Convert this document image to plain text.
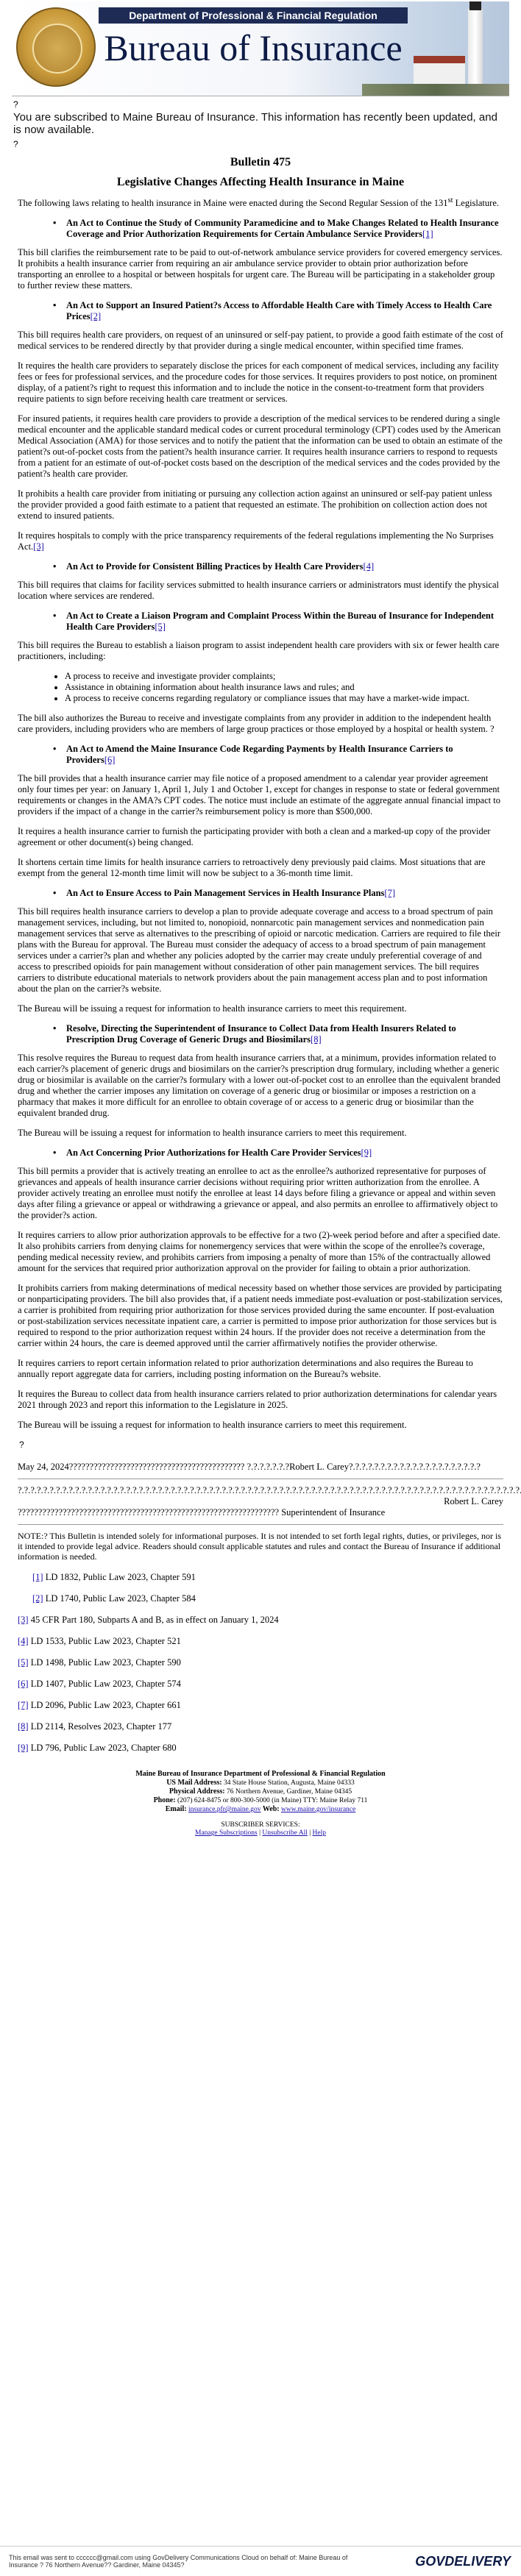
Department of Professional & Financial Regulation
Bureau of Insurance
?
You are subscribed to Maine Bureau of Insurance. This information has recently been updated, and is now available.
?
Bulletin 475
Legislative Changes Affecting Health Insurance in Maine

The following laws relating to health insurance in Maine were enacted during the Second Regular Session of the 131st Legislature.

•	An Act to Continue the Study of Community Paramedicine and to Make Changes Related to Health Insurance Coverage and Prior Authorization Requirements for Certain Ambulance Service Providers[1]

This bill clarifies the reimbursement rate to be paid to out-of-network ambulance service providers for covered emergency services. It prohibits a health insurance carrier from requiring an air ambulance service provider to obtain prior authorization before transporting an enrollee to a hospital or between hospitals for urgent care. The Bureau will be participating in a stakeholder group to further review these matters.

•	An Act to Support an Insured Patient?s Access to Affordable Health Care with Timely Access to Health Care Prices[2]

This bill requires health care providers, on request of an uninsured or self-pay patient, to provide a good faith estimate of the cost of medical services to be rendered directly by that provider during a single medical encounter, within specified time frames.

It requires the health care providers to separately disclose the prices for each component of medical services, including any facility fees or fees for professional services, and the procedure codes for those services. It requires providers to post notice, on prominent display, of a patient?s right to request this information and to include the notice in the consent-to-treatment form that providers require patients to sign before receiving health care treatment or services.

For insured patients, it requires health care providers to provide a description of the medical services to be rendered during a single medical encounter and the applicable standard medical codes or current procedural terminology (CPT) codes used by the American Medical Association (AMA) for those services and to notify the patient that the information can be used to obtain an estimate of the patient?s out-of-pocket costs from the patient?s health insurance carrier. It requires health insurance carriers to respond to requests from a patient for an estimate of out-of-pocket costs based on the description of the medical services and the codes provided by the patient?s health care provider.

It prohibits a health care provider from initiating or pursuing any collection action against an uninsured or self-pay patient unless the provider provided a good faith estimate to a patient that requested an estimate. The prohibition on collection action does not extend to insured patients.

It requires hospitals to comply with the price transparency requirements of the federal regulations implementing the No Surprises Act.[3]

•	An Act to Provide for Consistent Billing Practices by Health Care Providers[4]

This bill requires that claims for facility services submitted to health insurance carriers or administrators must identify the physical location where services are rendered.

•	An Act to Create a Liaison Program and Complaint Process Within the Bureau of Insurance for Independent Health Care Providers[5]

This bill requires the Bureau to establish a liaison program to assist independent health care providers with six or fewer health care practitioners, including:

• A process to receive and investigate provider complaints;
• Assistance in obtaining information about health insurance laws and rules; and
• A process to receive concerns regarding regulatory or compliance issues that may have a market-wide impact.

The bill also authorizes the Bureau to receive and investigate complaints from any provider in addition to the independent health care providers, including providers who are members of large group practices or those employed by a hospital or health system. ?

•	An Act to Amend the Maine Insurance Code Regarding Payments by Health Insurance Carriers to Providers[6]

The bill provides that a health insurance carrier may file notice of a proposed amendment to a calendar year provider agreement only four times per year: on January 1, April 1, July 1 and October 1, except for changes in response to state or federal government requirements or changes in the AMA?s CPT codes. The notice must include an estimate of the aggregate annual financial impact to providers if the impact of a change in the carrier?s reimbursement policy is more than $500,000.

It requires a health insurance carrier to furnish the participating provider with both a clean and a marked-up copy of the provider agreement or other document(s) being changed.

It shortens certain time limits for health insurance carriers to retroactively deny previously paid claims. Most situations that are exempt from the general 12-month time limit will now be subject to a 36-month time limit.

•	An Act to Ensure Access to Pain Management Services in Health Insurance Plans[7]

This bill requires health insurance carriers to develop a plan to provide adequate coverage and access to a broad spectrum of pain management services, including, but not limited to, nonopioid, nonnarcotic pain management services and nonmedication pain management services that serve as alternatives to the prescribing of opioid or narcotic medication. Carriers are required to file their plans with the Bureau for approval. The Bureau must consider the adequacy of access to a broad spectrum of pain management services under a carrier?s plan and whether any policies adopted by the carrier may create unduly preferential coverage of and access to prescribed opioids for pain management without consideration of other pain management services. The bill requires carriers to distribute educational materials to network providers about the pain management access plan and to post information about the plan on the carrier?s website.

The Bureau will be issuing a request for information to health insurance carriers to meet this requirement.

•	Resolve, Directing the Superintendent of Insurance to Collect Data from Health Insurers Related to Prescription Drug Coverage of Generic Drugs and Biosimilars[8]

This resolve requires the Bureau to request data from health insurance carriers that, at a minimum, provides information related to each carrier?s placement of generic drugs and biosimilars on the carrier?s prescription drug formulary, including whether a generic drug or biosimilar is available on the carrier?s formulary with a lower out-of-pocket cost to an enrollee than the equivalent branded drug and whether the carrier imposes any limitation on coverage of a generic drug or biosimilar or imposes a restriction on a pharmacy that makes it more difficult for an enrollee to obtain coverage of or access to a generic drug or biosimilar than the equivalent branded drug.

The Bureau will be issuing a request for information to health insurance carriers to meet this requirement.

•	An Act Concerning Prior Authorizations for Health Care Provider Services[9]

This bill permits a provider that is actively treating an enrollee to act as the enrollee?s authorized representative for purposes of grievances and appeals of health insurance carrier decisions without requiring prior written authorization from the enrollee. A provider actively treating an enrollee must notify the enrollee at least 14 days before filing a grievance or appeal and within seven days after filing a grievance or appeal or withdrawing a grievance or appeal, and also permits an enrollee to affirmatively object to the provider?s action.

It requires carriers to allow prior authorization approvals to be effective for a two (2)-week period before and after a specified date. It also prohibits carriers from denying claims for nonemergency services that were within the scope of the enrollee?s coverage, pending medical necessity review, and prohibits carriers from imposing a penalty of more than 15% of the contractually allowed amount for the services that required prior authorization approval on the provider for failing to obtain a prior authorization.

It prohibits carriers from making determinations of medical necessity based on whether those services are provided by participating or nonparticipating providers. The bill also provides that, if a patient needs immediate post-evaluation or post-stabilization services, a carrier is prohibited from requiring prior authorization for those services provided during the same encounter. If post-evaluation or post-stabilization services necessitate inpatient care, a carrier is permitted to impose prior authorization for those services but is required to respond to the prior authorization request within 24 hours. If the provider does not receive a determination from the carrier within 24 hours, the care is deemed approved until the carrier affirmatively notifies the provider otherwise.

It requires carriers to report certain information related to prior authorization determinations and also requires the Bureau to annually report aggregate data for carriers, including posting information on the Bureau?s website.

It requires the Bureau to collect data from health insurance carriers related to prior authorization determinations for calendar years 2021 through 2023 and report this information to the Legislature in 2025.

The Bureau will be issuing a request for information to health insurance carriers to meet this requirement.

?
May 24, 2024??????????????????????????????????????????? ?.?.?.?.?.?.?Robert L. Carey?.?.?.?.?.?.?.?.?.?.?.?.?.?.?.?.?.?.?.?.?
?.?.?.?.?.?.?.?.?.?.?.?.?.?.?.?.?.?.?.?.?.?.?.?.?.?.?.?.?.?.?.?.?.?.?.?.?.?.?.?.?.?.?.?.?.?.?.?.?.?.?.?.?.?.?.?.?.?.?.?.?.?.?.?.?.?.?.?.?.?.?.?.?.?.?.?.?.?.?.?.?.? Robert L. Carey
???????????????????????????????????????????????????????????????? Superintendent of Insurance
NOTE:? This Bulletin is intended solely for informational purposes. It is not intended to set forth legal rights, duties, or privileges, nor is it intended to provide legal advice. Readers should consult applicable statutes and rules and contact the Bureau of Insurance if additional information is needed.
[1] LD 1832, Public Law 2023, Chapter 591
[2] LD 1740, Public Law 2023, Chapter 584
[3] 45 CFR Part 180, Subparts A and B, as in effect on January 1, 2024
[4] LD 1533, Public Law 2023, Chapter 521
[5] LD 1498, Public Law 2023, Chapter 590
[6] LD 1407, Public Law 2023, Chapter 574
[7] LD 2096, Public Law 2023, Chapter 661
[8] LD 2114, Resolves 2023, Chapter 177
[9] LD 796, Public Law 2023, Chapter 680
Maine Bureau of Insurance Department of Professional & Financial Regulation
US Mail Address: 34 State House Station, Augusta, Maine 04333
Physical Address: 76 Northern Avenue, Gardiner, Maine 04345
Phone: (207) 624-8475 or 800-300-5000 (in Maine) TTY: Maine Relay 711
Email: insurance.pfr@maine.gov Web: www.maine.gov/insurance
SUBSCRIBER SERVICES:
Manage Subscriptions | Unsubscribe All | Help
This email was sent to cccccc@gmail.com using GovDelivery Communications Cloud on behalf of: Maine Bureau of Insurance ? 76 Northern Avenue?? Gardiner, Maine 04345?	GOVDELIVERY
